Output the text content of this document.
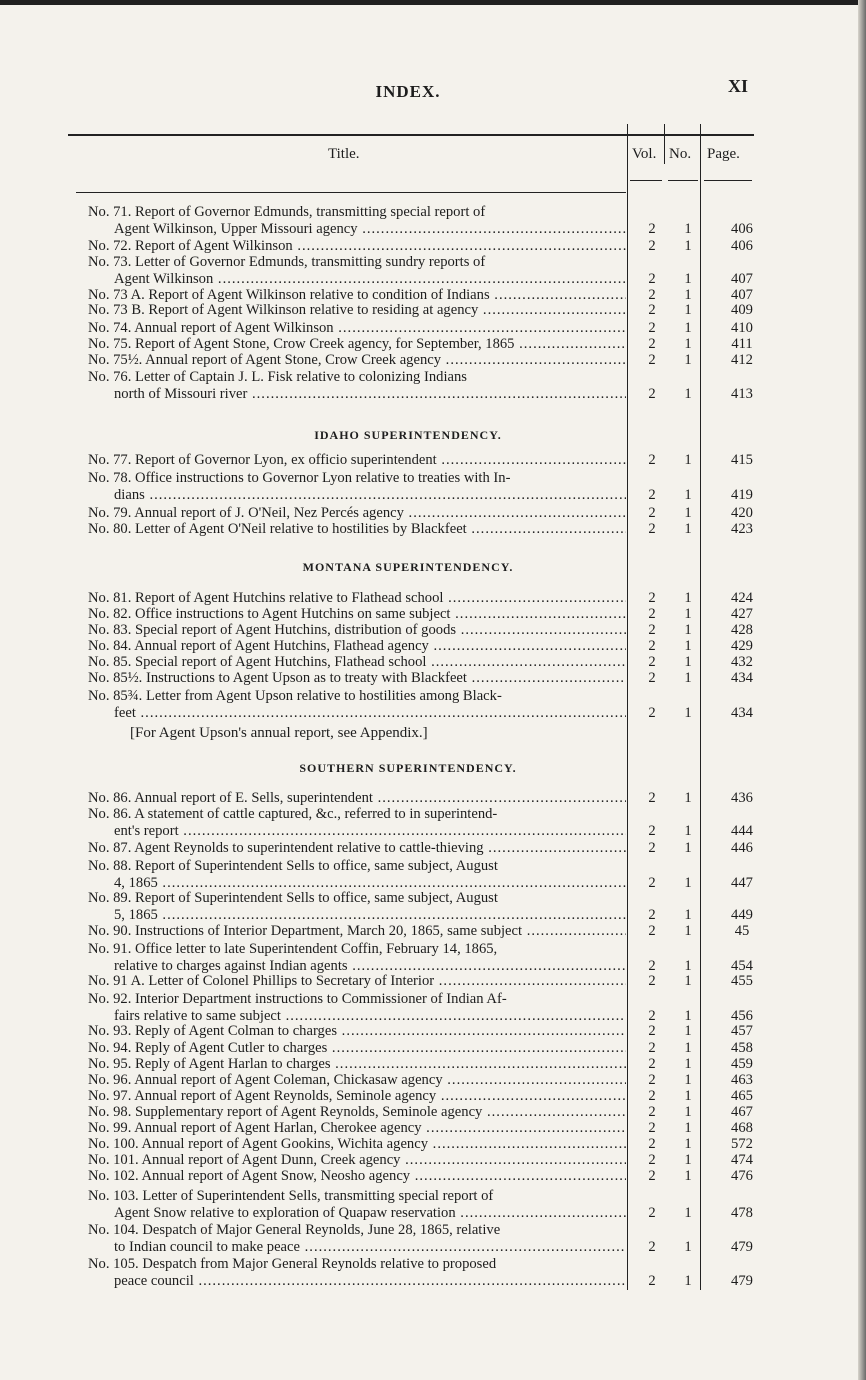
INDEX.	XI
Title.	Vol. No. Page.
IDAHO SUPERINTENDENCY.
MONTANA SUPERINTENDENCY.
SOUTHERN SUPERINTENDENCY.
[For Agent Upson's annual report, see Appendix.]
No. 71. Report of Governor Edmunds, transmitting special report of
Agent Wilkinson, Upper Missouri agency .....	2	1	406
No. 72. Report of Agent Wilkinson .....	2	1	406
No. 73. Letter of Governor Edmunds, transmitting sundry reports of
Agent Wilkinson .....	2	1	407
No. 73 A. Report of Agent Wilkinson relative to condition of Indians .....	2	1	407
No. 73 B. Report of Agent Wilkinson relative to residing at agency .....	2	1	409
No. 74. Annual report of Agent Wilkinson .....	2	1	410
No. 75. Report of Agent Stone, Crow Creek agency, for September, 1865 .....	2	1	411
No. 75½. Annual report of Agent Stone, Crow Creek agency .....	2	1	412
No. 76. Letter of Captain J. L. Fisk relative to colonizing Indians
north of Missouri river .....	2	1	413
No. 77. Report of Governor Lyon, ex officio superintendent .....	2	1	415
No. 78. Office instructions to Governor Lyon relative to treaties with In-
dians .....	2	1	419
No. 79. Annual report of J. O'Neil, Nez Percés agency .....	2	1	420
No. 80. Letter of Agent O'Neil relative to hostilities by Blackfeet .....	2	1	423
No. 81. Report of Agent Hutchins relative to Flathead school .....	2	1	424
No. 82. Office instructions to Agent Hutchins on same subject .....	2	1	427
No. 83. Special report of Agent Hutchins, distribution of goods .....	2	1	428
No. 84. Annual report of Agent Hutchins, Flathead agency .....	2	1	429
No. 85. Special report of Agent Hutchins, Flathead school .....	2	1	432
No. 85½. Instructions to Agent Upson as to treaty with Blackfeet .....	2	1	434
No. 85¾. Letter from Agent Upson relative to hostilities among Black-
feet .....	2	1	434
No. 86. Annual report of E. Sells, superintendent .....	2	1	436
No. 86. A statement of cattle captured, &c., referred to in superintend-
ent's report .....	2	1	444
No. 87. Agent Reynolds to superintendent relative to cattle-thieving .....	2	1	446
No. 88. Report of Superintendent Sells to office, same subject, August
4, 1865 .....	2	1	447
No. 89. Report of Superintendent Sells to office, same subject, August
5, 1865 .....	2	1	449
No. 90. Instructions of Interior Department, March 20, 1865, same subject .....	2	1	45
No. 91. Office letter to late Superintendent Coffin, February 14, 1865,
relative to charges against Indian agents .....	2	1	454
No. 91 A. Letter of Colonel Phillips to Secretary of Interior .....	2	1	455
No. 92. Interior Department instructions to Commissioner of Indian Af-
fairs relative to same subject .....	2	1	456
No. 93. Reply of Agent Colman to charges .....	2	1	457
No. 94. Reply of Agent Cutler to charges .....	2	1	458
No. 95. Reply of Agent Harlan to charges .....	2	1	459
No. 96. Annual report of Agent Coleman, Chickasaw agency .....	2	1	463
No. 97. Annual report of Agent Reynolds, Seminole agency .....	2	1	465
No. 98. Supplementary report of Agent Reynolds, Seminole agency .....	2	1	467
No. 99. Annual report of Agent Harlan, Cherokee agency .....	2	1	468
No. 100. Annual report of Agent Gookins, Wichita agency .....	2	1	572
No. 101. Annual report of Agent Dunn, Creek agency .....	2	1	474
No. 102. Annual report of Agent Snow, Neosho agency .....	2	1	476
No. 103. Letter of Superintendent Sells, transmitting special report of
Agent Snow relative to exploration of Quapaw reservation .....	2	1	478
No. 104. Despatch of Major General Reynolds, June 28, 1865, relative
to Indian council to make peace .....	2	1	479
No. 105. Despatch from Major General Reynolds relative to proposed
peace council .....	2	1	479
